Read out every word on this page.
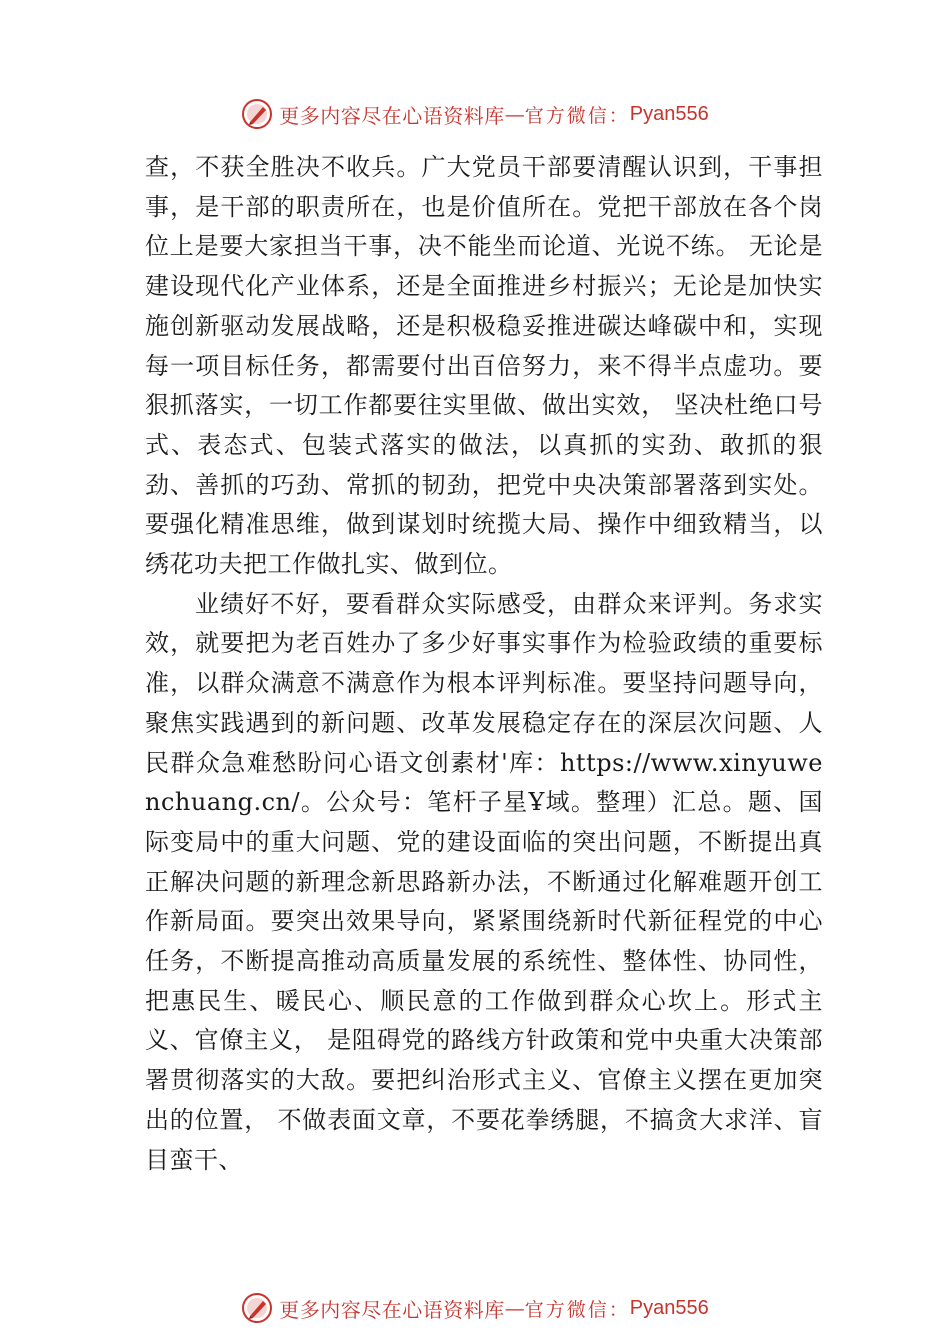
更多内容尽在心语资料库 — 官方微信： Pyan556

查，不获全胜决不收兵。广大党员干部要清醒认识到，干事担事，是干部的职责所在，也是价值所在。党把干部放在各个岗位上是要大家担当干事，决不能坐而论道、光说不练。 无论是建设现代化产业体系，还是全面推进乡村振兴；无论是加快实施创新驱动发展战略，还是积极稳妥推进碳达峰碳中和，实现每一项目标任务，都需要付出百倍努力，来不得半点虚功。要狠抓落实，一切工作都要往实里做、做出实效， 坚决杜绝口号式、表态式、包装式落实的做法，以真抓的实劲、敢抓的狠劲、善抓的巧劲、常抓的韧劲，把党中央决策部署落到实处。要强化精准思维，做到谋划时统揽大局、操作中细致精当，以绣花功夫把工作做扎实、做到位。

业绩好不好，要看群众实际感受，由群众来评判。务求实效，就要把为老百姓办了多少好事实事作为检验政绩的重要标准，以群众满意不满意作为根本评判标准。要坚持问题导向，聚焦实践遇到的新问题、改革发展稳定存在的深层次问题、人民群众急难愁盼问心语文创素材'库：https://www.xinyuwenchuang.cn/。公众号：笔杆子星Ұ域。整理）汇总。题、国际变局中的重大问题、党的建设面临的突出问题，不断提出真正解决问题的新理念新思路新办法，不断通过化解难题开创工作新局面。要突出效果导向，紧紧围绕新时代新征程党的中心任务，不断提高推动高质量发展的系统性、整体性、协同性，把惠民生、暖民心、顺民意的工作做到群众心坎上。形式主义、官僚主义， 是阻碍党的路线方针政策和党中央重大决策部署贯彻落实的大敌。要把纠治形式主义、官僚主义摆在更加突出的位置， 不做表面文章，不要花拳绣腿，不搞贪大求洋、盲目蛮干、

更多内容尽在心语资料库 — 官方微信： Pyan556
